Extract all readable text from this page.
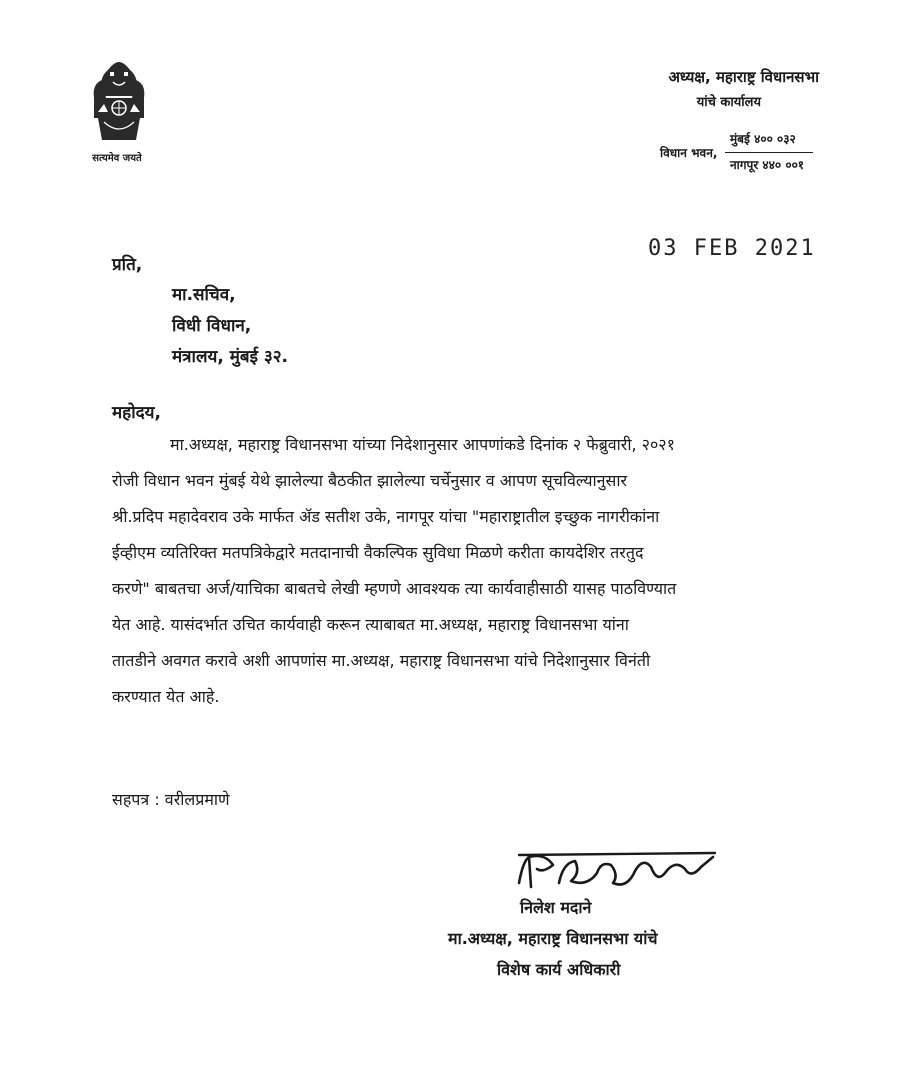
सत्यमेव जयते
अध्यक्ष, महाराष्ट्र विधानसभा
यांचे कार्यालय
विधान भवन,
मुंबई ४०० ०३२
नागपूर ४४० ००१
03 FEB 2021
प्रति,
मा.सचिव,
विधी विधान,
मंत्रालय, मुंबई ३२.
महोदय,
मा.अध्यक्ष, महाराष्ट्र विधानसभा यांच्या निदेशानुसार आपणांकडे दिनांक २ फेब्रुवारी, २०२१
रोजी विधान भवन मुंबई येथे झालेल्या बैठकीत झालेल्या चर्चेनुसार व आपण सूचविल्यानुसार
श्री.प्रदिप महादेवराव उके मार्फत ॲड सतीश उके, नागपूर यांचा "महाराष्ट्रातील इच्छुक नागरीकांना
ईव्हीएम व्यतिरिक्त मतपत्रिकेद्वारे मतदानाची वैकल्पिक सुविधा मिळणे करीता कायदेशिर तरतुद
करणे" बाबतचा अर्ज/याचिका बाबतचे लेखी म्हणणे आवश्यक त्या कार्यवाहीसाठी यासह पाठविण्यात
येत आहे. यासंदर्भात उचित कार्यवाही करून त्याबाबत मा.अध्यक्ष, महाराष्ट्र विधानसभा यांना
तातडीने अवगत करावे अशी आपणांस मा.अध्यक्ष, महाराष्ट्र विधानसभा यांचे निदेशानुसार विनंती
करण्यात येत आहे.
सहपत्र : वरीलप्रमाणे
निलेश मदाने
मा.अध्यक्ष, महाराष्ट्र विधानसभा यांचे
विशेष कार्य अधिकारी
